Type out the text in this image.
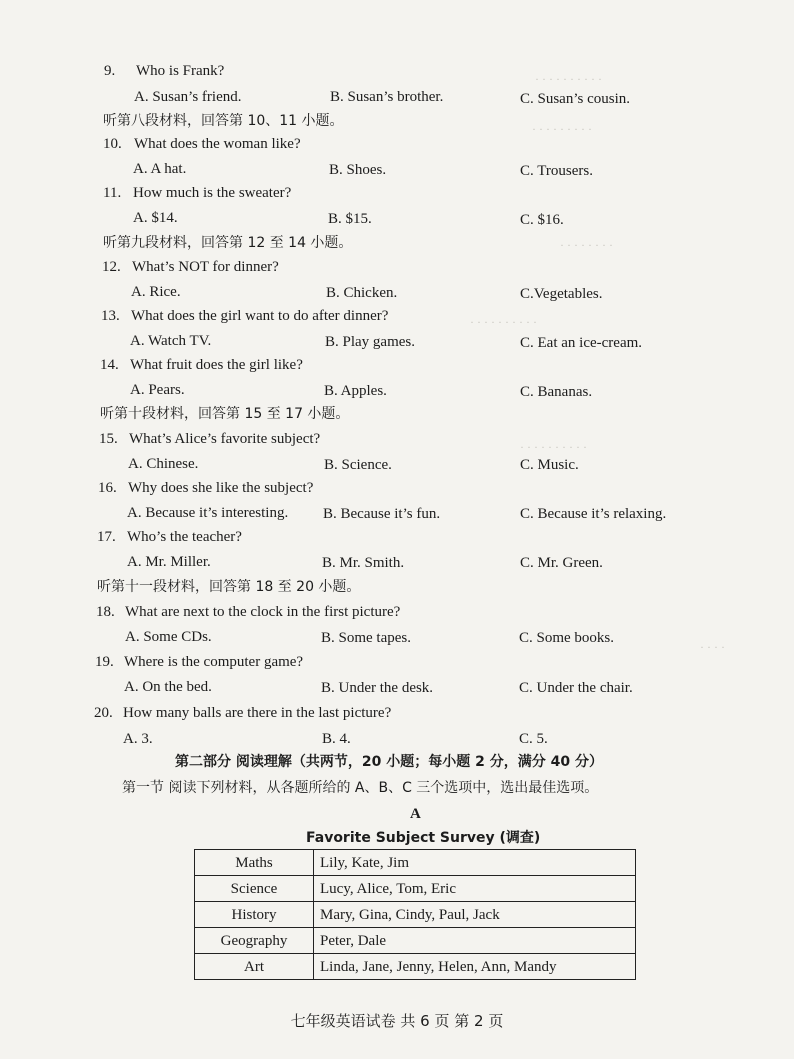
· · · · · · · · · ·
· · · · · · · · ·
· · · · · · · ·
· · · · · · · · · ·
· · · · · · · · · ·
· · · ·
9. Who is Frank?
A. Susan’s friend.	B. Susan’s brother.	C. Susan’s cousin.
听第八段材料，回答第 10、11 小题。
10. What does the woman like?
A. A hat.	B. Shoes.	C. Trousers.
11. How much is the sweater?
A. $14.	B. $15.	C. $16.
听第九段材料，回答第 12 至 14 小题。
12. What’s NOT for dinner?
A. Rice.	B. Chicken.	C.Vegetables.
13. What does the girl want to do after dinner?
A. Watch TV.	B. Play games.	C. Eat an ice-cream.
14. What fruit does the girl like?
A. Pears.	B. Apples.	C. Bananas.
听第十段材料，回答第 15 至 17 小题。
15. What’s Alice’s favorite subject?
A. Chinese.	B. Science.	C. Music.
16. Why does she like the subject?
A. Because it’s interesting. B. Because it’s fun.	C. Because it’s relaxing.
17. Who’s the teacher?
A. Mr. Miller.	B. Mr. Smith.	C. Mr. Green.
听第十一段材料，回答第 18 至 20 小题。
18. What are next to the clock in the first picture?
A. Some CDs.	B. Some tapes.	C. Some books.
19. Where is the computer game?
A. On the bed.	B. Under the desk.	C. Under the chair.
20. How many balls are there in the last picture?
A. 3.	B. 4.	C. 5.
第二部分 阅读理解（共两节，20 小题；每小题 2 分，满分 40 分）
第一节 阅读下列材料，从各题所给的 A、B、C 三个选项中，选出最佳选项。
A
Favorite Subject Survey (调查)
Maths	Lily, Kate, Jim
Science	Lucy, Alice, Tom, Eric
History	Mary, Gina, Cindy, Paul, Jack
Geography	Peter, Dale
Art	Linda, Jane, Jenny, Helen, Ann, Mandy
七年级英语试卷 共 6 页 第 2 页
